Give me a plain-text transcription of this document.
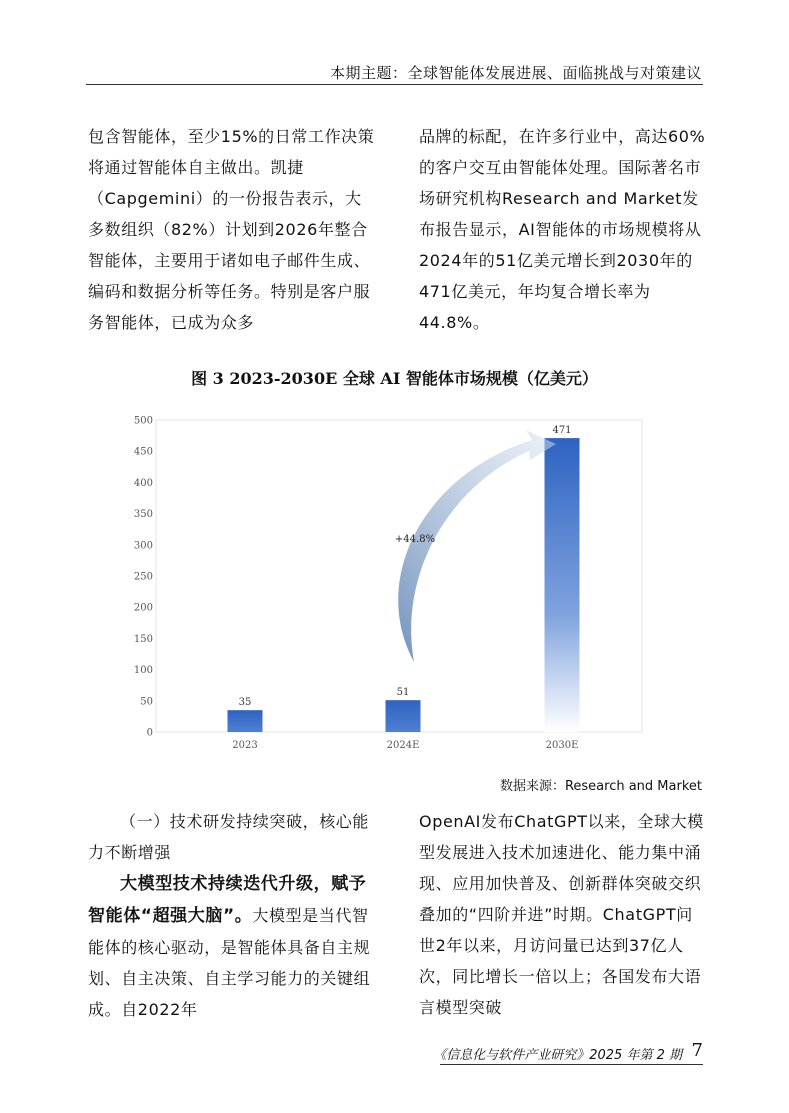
本期主题：全球智能体发展进展、面临挑战与对策建议

包含智能体，至少15%的日常工作决策将通过智能体自主做出。凯捷（Capgemini）的一份报告表示，大多数组织（82%）计划到2026年整合智能体，主要用于诸如电子邮件生成、编码和数据分析等任务。特别是客户服务智能体，已成为众多

品牌的标配，在许多行业中，高达60%的客户交互由智能体处理。国际著名市场研究机构Research and Market发布报告显示，AI智能体的市场规模将从2024年的51亿美元增长到2030年的471亿美元，年均复合增长率为44.8%。

图 3 2023-2030E 全球 AI 智能体市场规模（亿美元）
0
50
100
150
200
250
300
350
400
450
500
35
51
471
2023	2024E	2030E
+44.8%
数据来源：Research and Market

（一）技术研发持续突破，核心能力不断增强

大模型技术持续迭代升级，赋予智能体“超强大脑”。大模型是当代智能体的核心驱动，是智能体具备自主规划、自主决策、自主学习能力的关键组成。自2022年

OpenAI发布ChatGPT以来，全球大模型发展进入技术加速进化、能力集中涌现、应用加快普及、创新群体突破交织叠加的“四阶并进”时期。ChatGPT问世2年以来，月访问量已达到37亿人次，同比增长一倍以上；各国发布大语言模型突破

《信息化与软件产业研究》2025 年第 2 期 7
